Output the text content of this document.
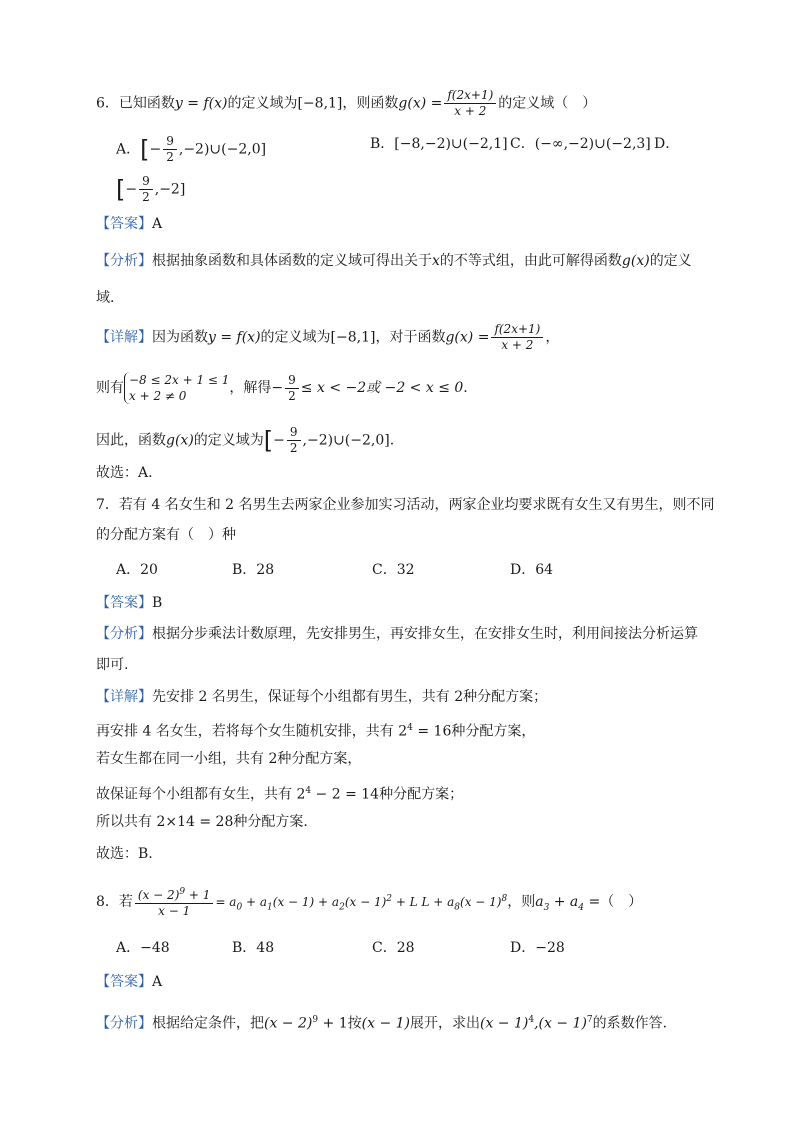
6．已知函数y = f(x)的定义域为[−8,1]，则函数$g(x) = \frac{f(2x+1)}{x + 2}$ 的定义域（　）
A．[− $\frac{9}{2}$ ,−2)∪(−2,0]	B．[−8,−2)∪(−2,1] C．(−∞,−2)∪(−2,3] D．
[− $\frac{9}{2} ,-2$]
【答案】A
【分析】根据抽象函数和具体函数的定义域可得出关于x的不等式组，由此可解得函数g(x)的定义
域.
【详解】因为函数y = f(x)的定义域为[−8,1]，对于函数$g(x) = \frac{f(2x+1)}{x + 2}$ ，
则有 −8 ≤ 2x + 1 ≤ 1
x + 2 ≠ 0	，解得− $\frac{9}{2} \le x < -2$或 −2 < x ≤ 0.
因此，函数g(x)的定义域为[− $\frac{9}{2}$ ,−2)∪(−2,0].
故选：A.
7．若有 4 名女生和 2 名男生去两家企业参加实习活动，两家企业均要求既有女生又有男生，则不同
的分配方案有（　）种
A．20	B．28	C．32	D．64
【答案】B
【分析】根据分步乘法计数原理，先安排男生，再安排女生，在安排女生时，利用间接法分析运算
即可.
【详解】先安排 2 名男生，保证每个小组都有男生，共有 2种分配方案；
再安排 4 名女生，若将每个女生随机安排，共有 $2^4 = 16$种分配方案，
若女生都在同一小组，共有 2种分配方案，
故保证每个小组都有女生，共有 $2^4 - 2 = 14$种分配方案；
所以共有 2×14 = 28种分配方案.
故选：B.
8．若 $\frac{(x - 2)^9 + 1}{x - 1} = a_0 + a_1(x - 1) + a_2(x - 1)^2 + L$ $L + a_8(x - 1)^8$，则$a_3 + a_4$ =（　）
A．−48	B．48	C．28	D．−28
【答案】A
【分析】根据给定条件，把$(x - 2)^9 + 1$按(x − 1)展开，求出$(x - 1)^4,(x - 1)^7$的系数作答.
